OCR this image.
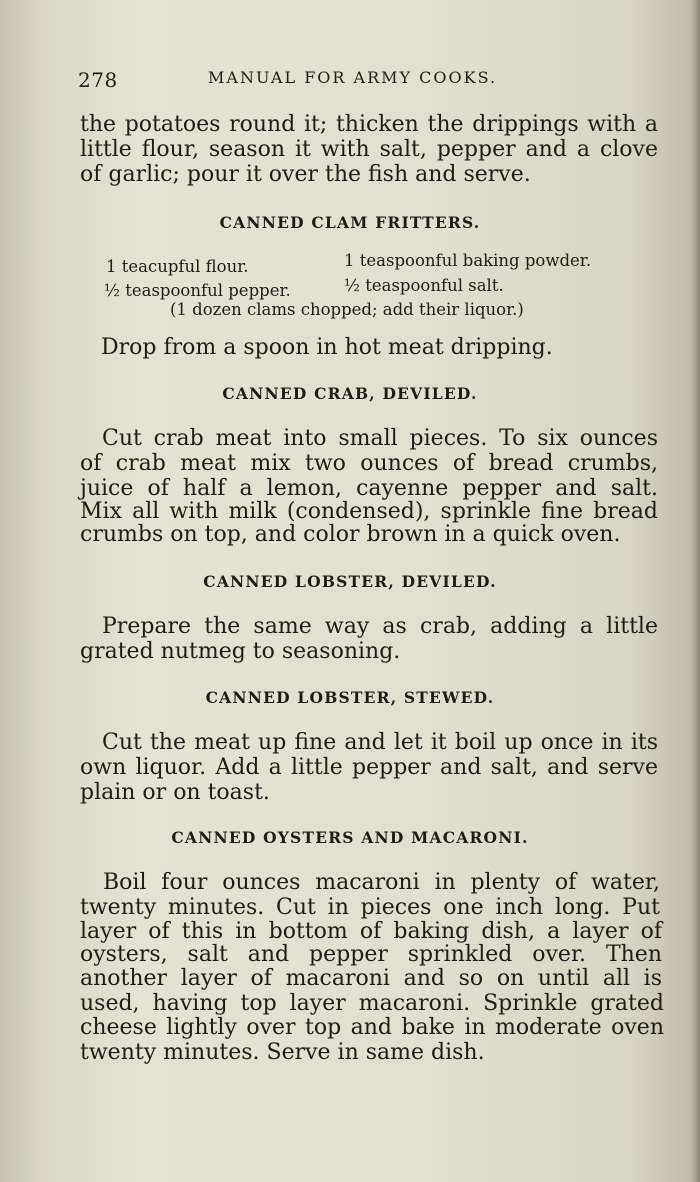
278	MANUAL FOR ARMY COOKS.
the potatoes round it; thicken the drippings with a
little flour, season it with salt, pepper and a clove
of garlic; pour it over the fish and serve.
CANNED CLAM FRITTERS.
1 teacupful flour.	1 teaspoonful baking powder.
½ teaspoonful pepper.	½ teaspoonful salt.
(1 dozen clams chopped; add their liquor.)
Drop from a spoon in hot meat dripping.
CANNED CRAB, DEVILED.
Cut crab meat into small pieces. To six ounces
of crab meat mix two ounces of bread crumbs,
juice of half a lemon, cayenne pepper and salt.
Mix all with milk (condensed), sprinkle fine bread
crumbs on top, and color brown in a quick oven.
CANNED LOBSTER, DEVILED.
Prepare the same way as crab, adding a little
grated nutmeg to seasoning.
CANNED LOBSTER, STEWED.
Cut the meat up fine and let it boil up once in its
own liquor. Add a little pepper and salt, and serve
plain or on toast.
CANNED OYSTERS AND MACARONI.
Boil four ounces macaroni in plenty of water,
twenty minutes. Cut in pieces one inch long. Put
layer of this in bottom of baking dish, a layer of
oysters, salt and pepper sprinkled over. Then
another layer of macaroni and so on until all is
used, having top layer macaroni. Sprinkle grated
cheese lightly over top and bake in moderate oven
twenty minutes. Serve in same dish.
